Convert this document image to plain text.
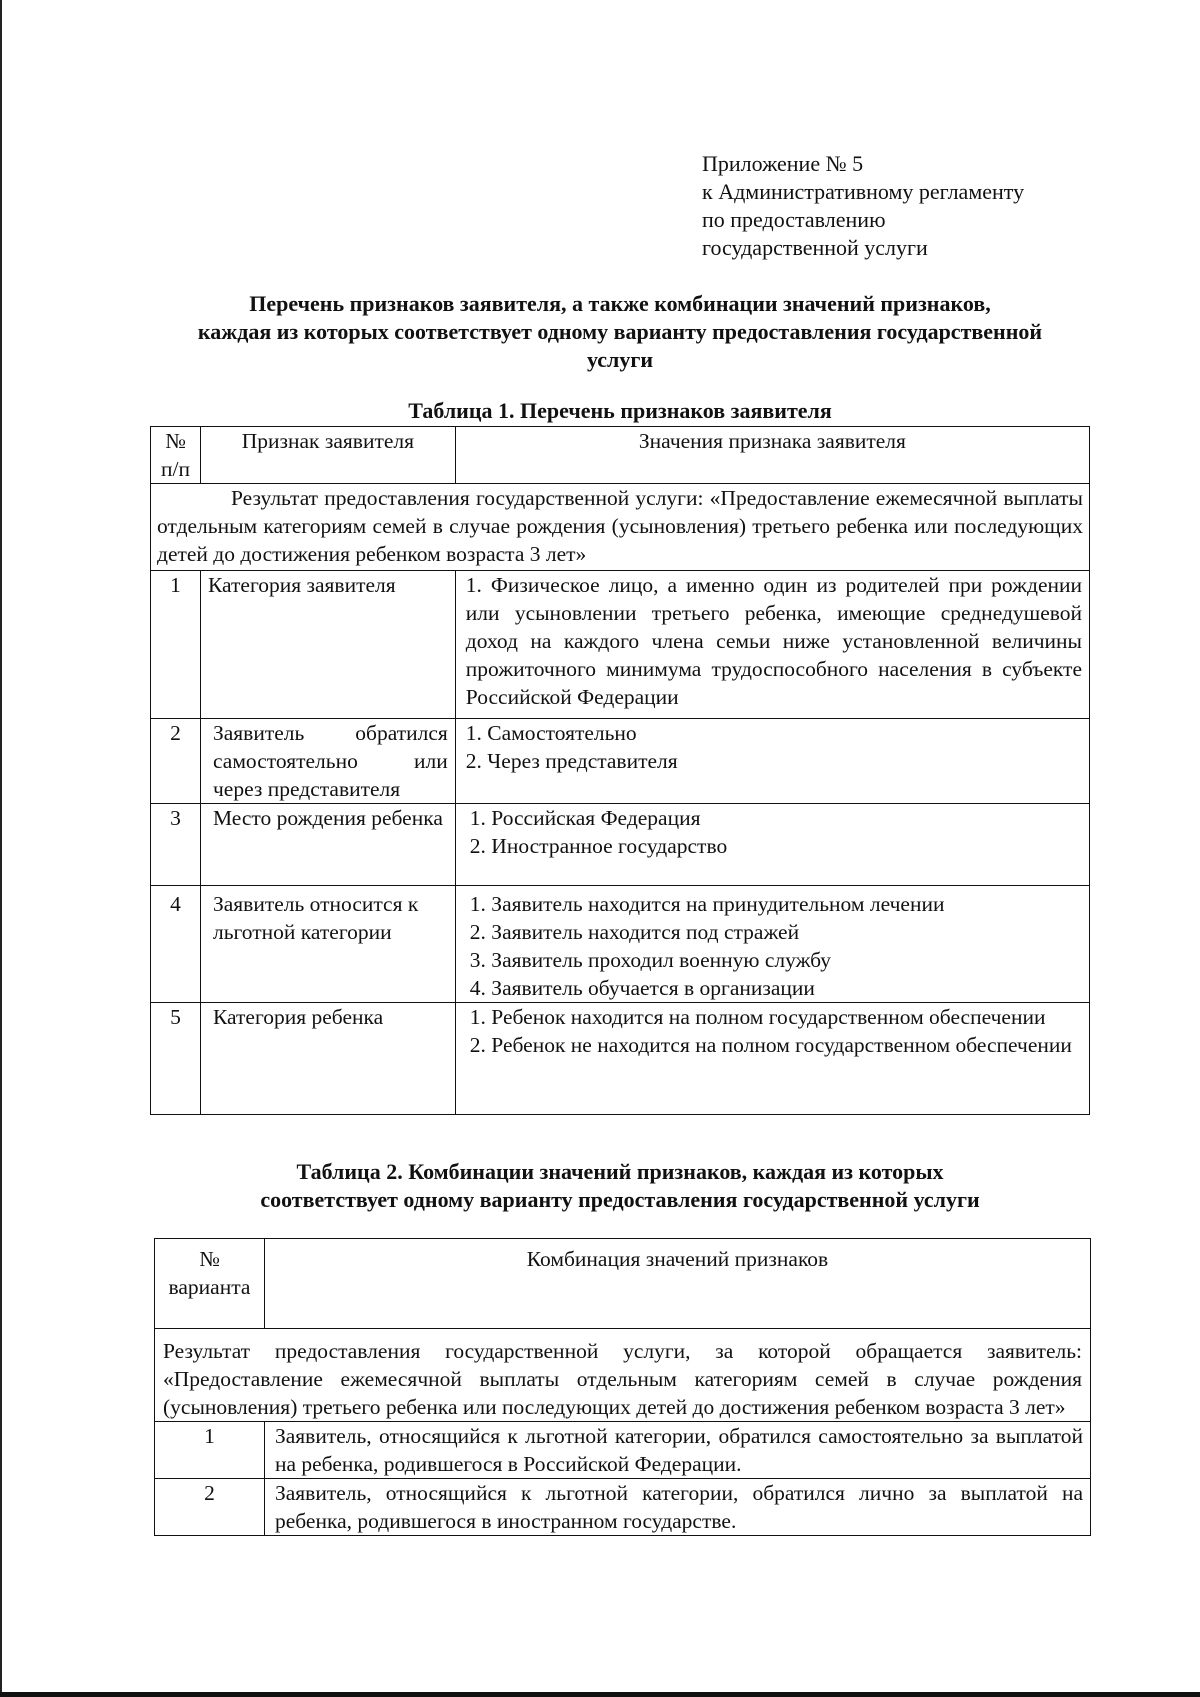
Приложение № 5
к Административному регламенту
по предоставлению
государственной услуги
Перечень признаков заявителя, а также комбинации значений признаков,
каждая из которых соответствует одному варианту предоставления государственной
услуги
Таблица 1. Перечень признаков заявителя
№ п/п	Признак заявителя	Значения признака заявителя
Результат предоставления государственной услуги: «Предоставление ежемесячной выплаты отдельным категориям семей в случае рождения (усыновления) третьего ребенка или последующих детей до достижения ребенком возраста 3 лет»		
1	Категория заявителя	1. Физическое лицо, а именно один из родителей при рождении или усыновлении третьего ребенка, имеющие среднедушевой доход на каждого члена семьи ниже установленной величины прожиточного минимума трудоспособного населения в субъекте Российской Федерации
2	Заявитель обратился самостоятельно или через представителя	1. Самостоятельно
2. Через представителя

3	Место рождения ребенка	1. Российская Федерация
2. Иностранное государство

4	Заявитель относится к льготной категории	1. Заявитель находится на принудительном лечении
2. Заявитель находится под стражей
3. Заявитель проходил военную службу
4. Заявитель обучается в организации

5	Категория ребенка	1. Ребенок находится на полном государственном обеспечении
2. Ребенок не находится на полном государственном обеспечении
Таблица 2. Комбинации значений признаков, каждая из которых
соответствует одному варианту предоставления государственной услуги
№ варианта	Комбинация значений признаков
Результат предоставления государственной услуги, за которой обращается заявитель: «Предоставление ежемесячной выплаты отдельным категориям семей в случае рождения (усыновления) третьего ребенка или последующих детей до достижения ребенком возраста 3 лет»	
1	Заявитель, относящийся к льготной категории, обратился самостоятельно за выплатой на ребенка, родившегося в Российской Федерации.
2	Заявитель, относящийся к льготной категории, обратился лично за выплатой на ребенка, родившегося в иностранном государстве.
